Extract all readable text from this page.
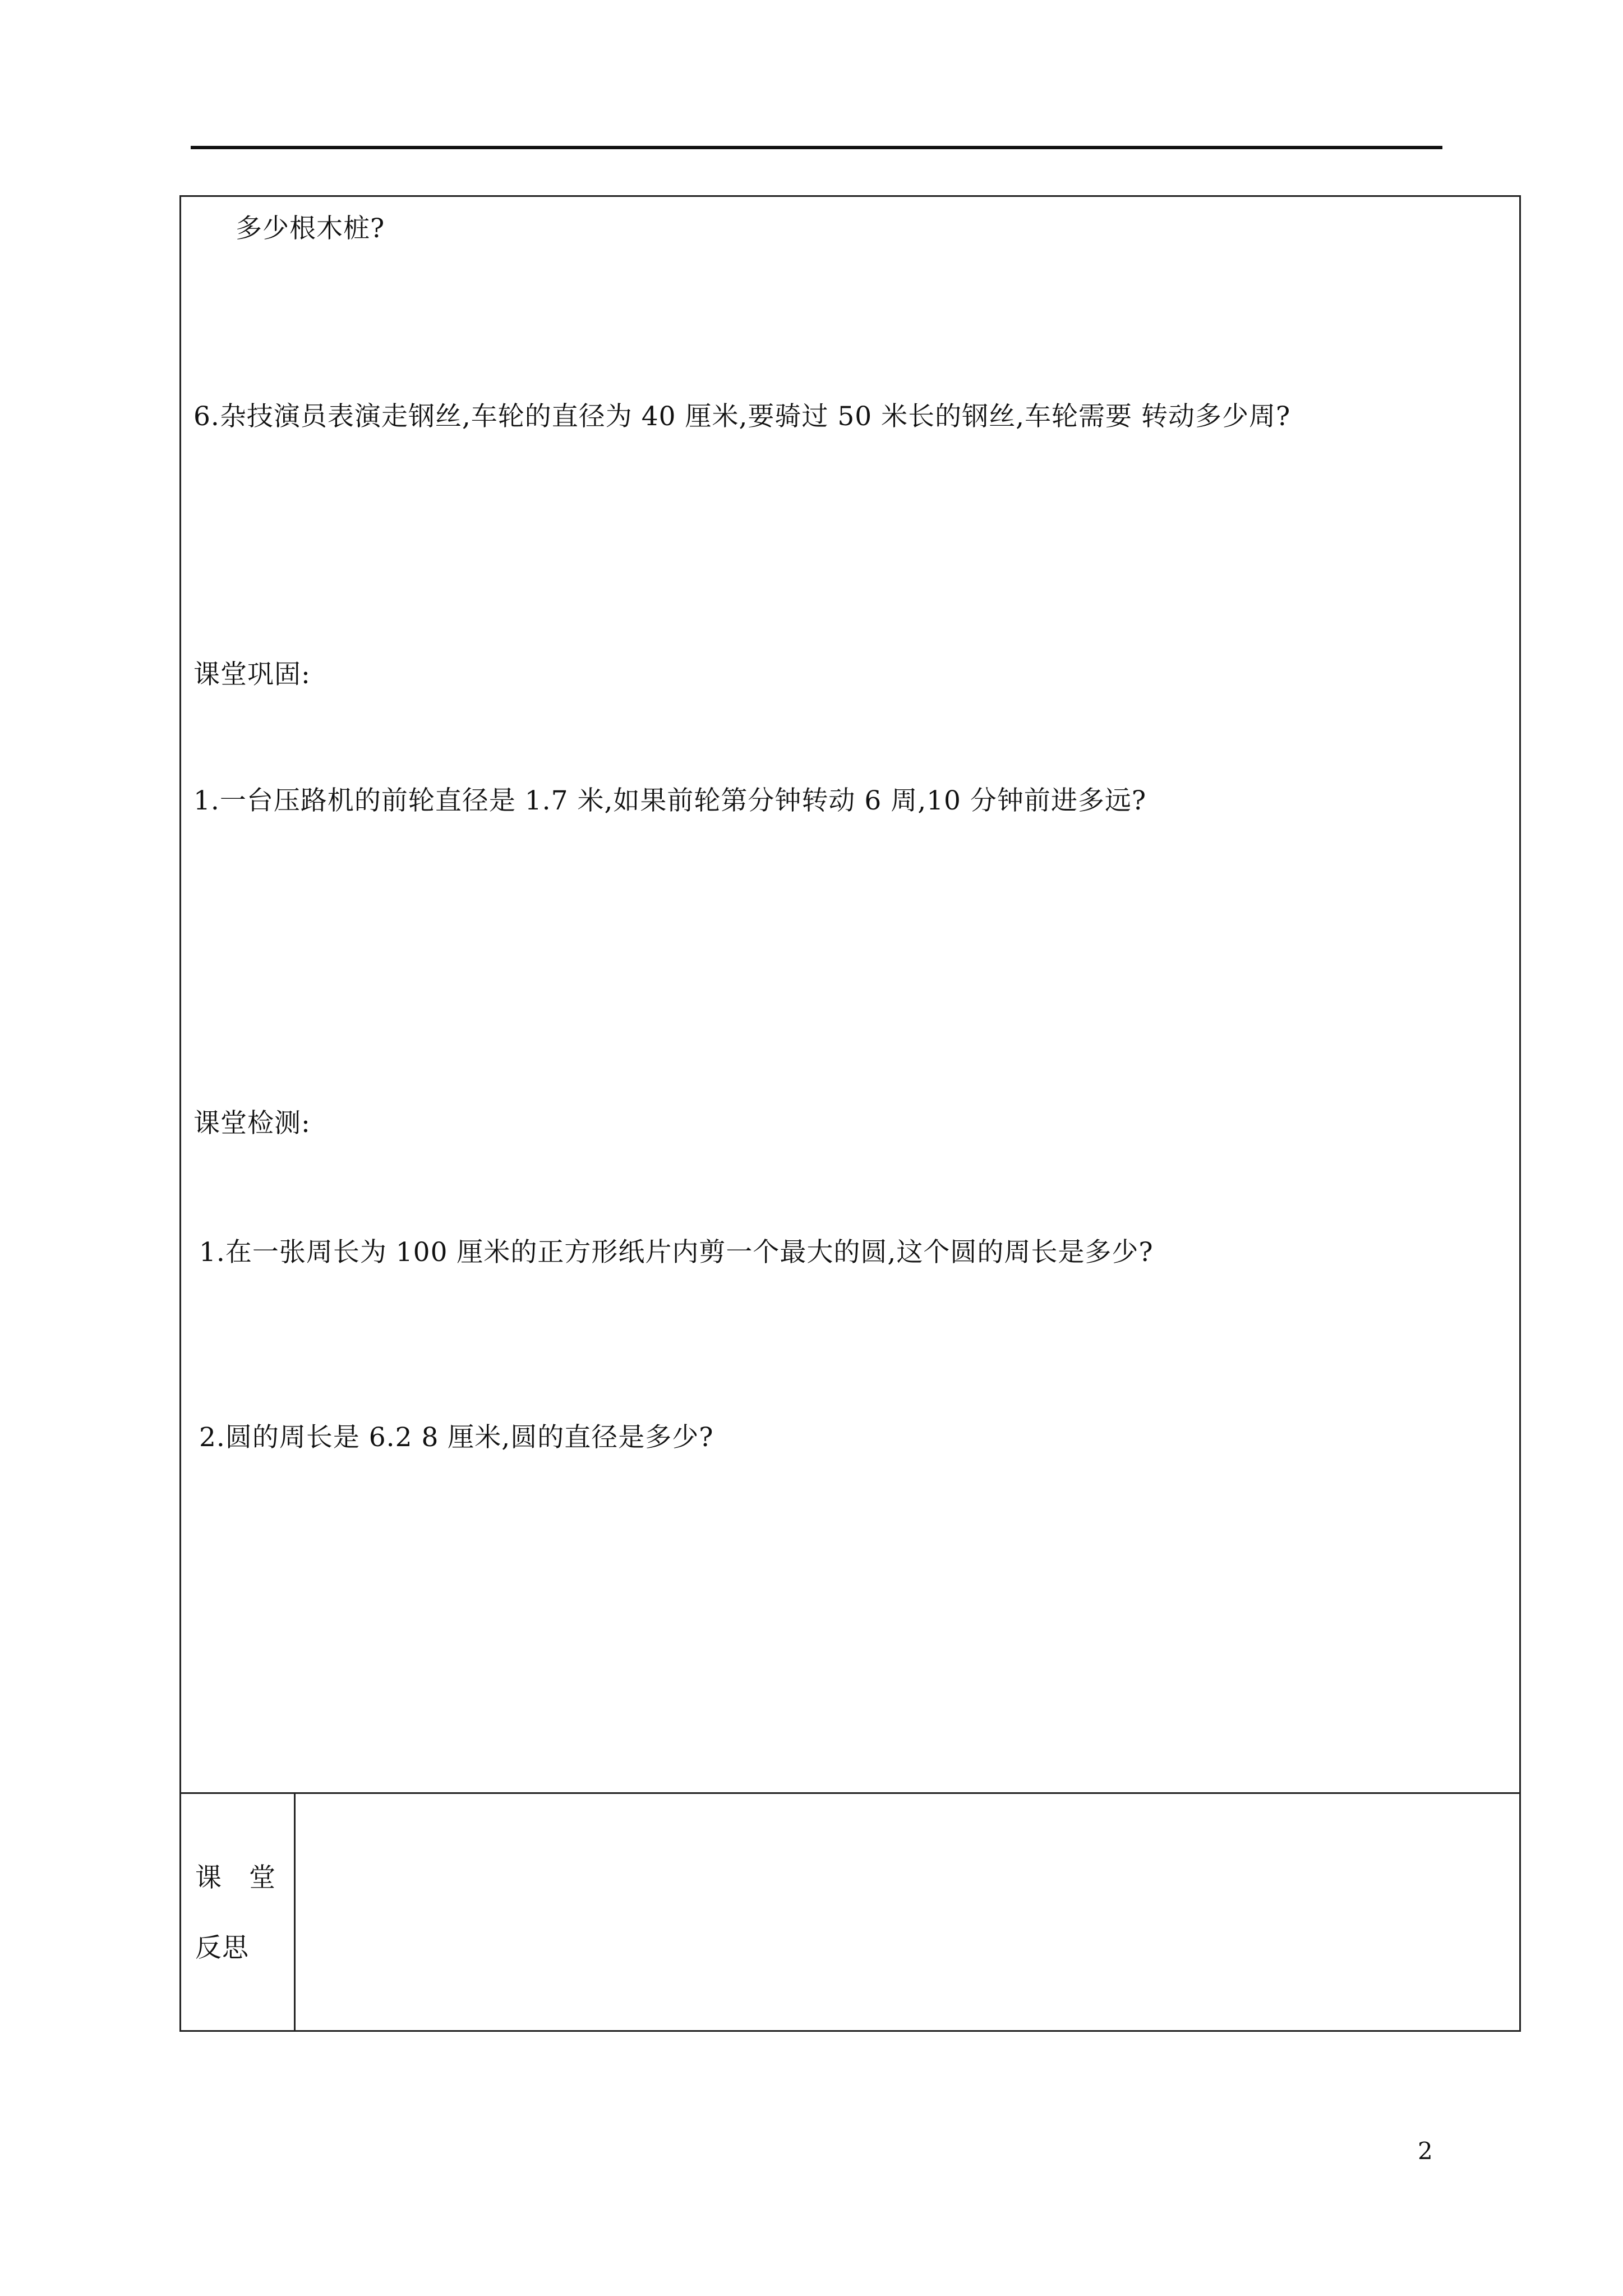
多少根木桩?
6.杂技演员表演走钢丝,车轮的直径为 40 厘米,要骑过 50 米长的钢丝,车轮需要 转动多少周?
课堂巩固:
1.一台压路机的前轮直径是 1.7 米,如果前轮第分钟转动 6 周,10 分钟前进多远?
课堂检测:
1.在一张周长为 100 厘米的正方形纸片内剪一个最大的圆,这个圆的周长是多少?
2.圆的周长是 6.2 8 厘米,圆的直径是多少?
课　堂
反思
2
